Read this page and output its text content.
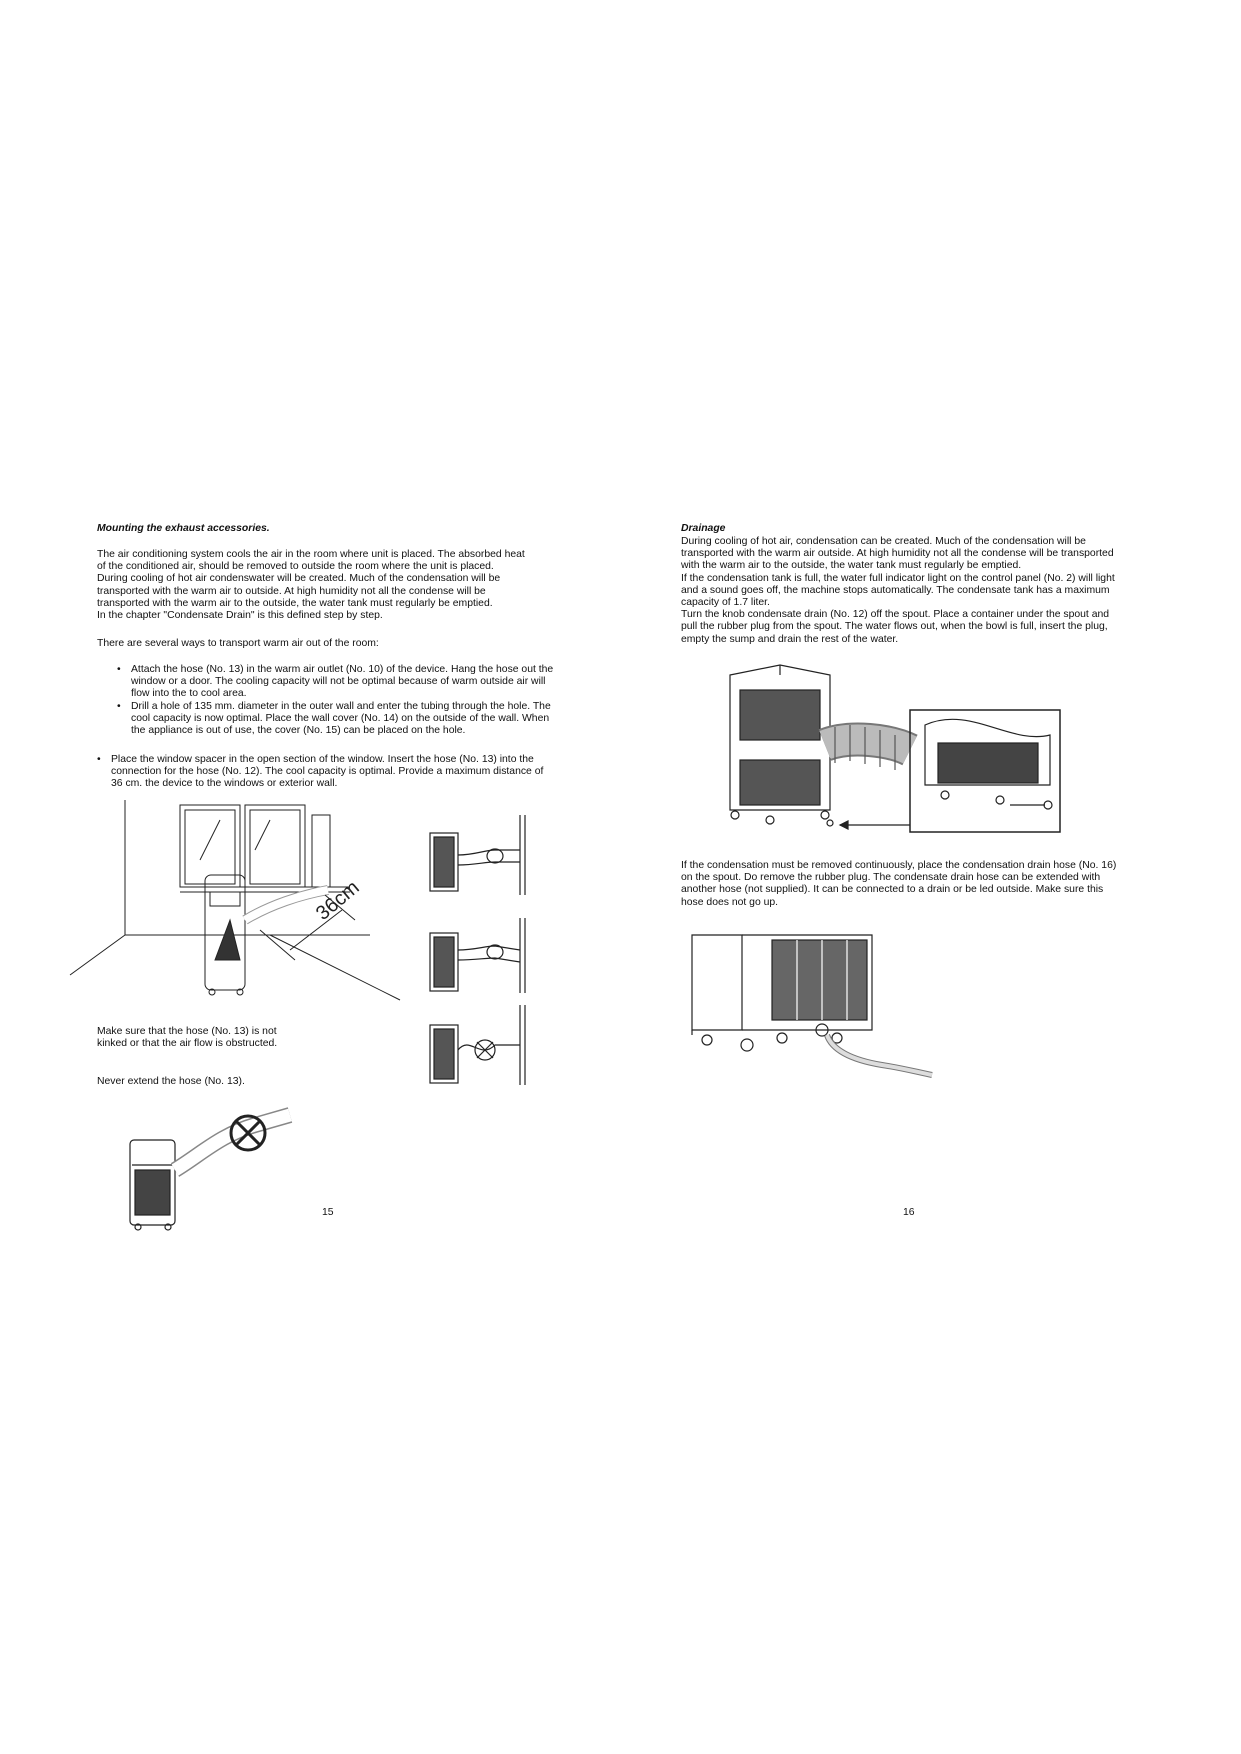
Mounting the exhaust accessories.
The air conditioning system cools the air in the room where unit is placed. The absorbed heat
of the conditioned air, should be removed to outside the room where the unit is placed.
During cooling of hot air condenswater will be created. Much of the condensation will be
transported with the warm air to outside. At high humidity not all the condense will be
transported with the warm air to the outside, the water tank must regularly be emptied.
In the chapter "Condensate Drain" is this defined step by step.
There are several ways to transport warm air out of the room:
• Attach the hose (No. 13) in the warm air outlet (No. 10) of the device. Hang the hose out the window or a door. The cooling capacity will not be optimal because of warm outside air will flow into the to cool area.
• Drill a hole of 135 mm. diameter in the outer wall and enter the tubing through the hole. The cool capacity is now optimal. Place the wall cover (No. 14) on the outside of the wall. When the appliance is out of use, the cover (No. 15) can be placed on the hole.
• Place the window spacer in the open section of the window. Insert the hose (No. 13) into the connection for the hose (No. 12). The cool capacity is optimal. Provide a maximum distance of 36 cm. the device to the windows or exterior wall.
36cm
Make sure that the hose (No. 13) is not
kinked or that the air flow is obstructed.
Never extend the hose (No. 13).
15
Drainage
During cooling of hot air, condensation can be created. Much of the condensation will be
transported with the warm air outside. At high humidity not all the condense will be transported
with the warm air to the outside, the water tank must regularly be emptied.
If the condensation tank is full, the water full indicator light on the control panel (No. 2) will light
and a sound goes off, the machine stops automatically. The condensate tank has a maximum
capacity of 1.7 liter.
Turn the knob condensate drain (No. 12) off the spout. Place a container under the spout and
pull the rubber plug from the spout. The water flows out, when the bowl is full, insert the plug,
empty the sump and drain the rest of the water.
If the condensation must be removed continuously, place the condensation drain hose (No. 16)
on the spout. Do remove the rubber plug. The condensate drain hose can be extended with
another hose (not supplied). It can be connected to a drain or be led outside. Make sure this
hose does not go up.
16
